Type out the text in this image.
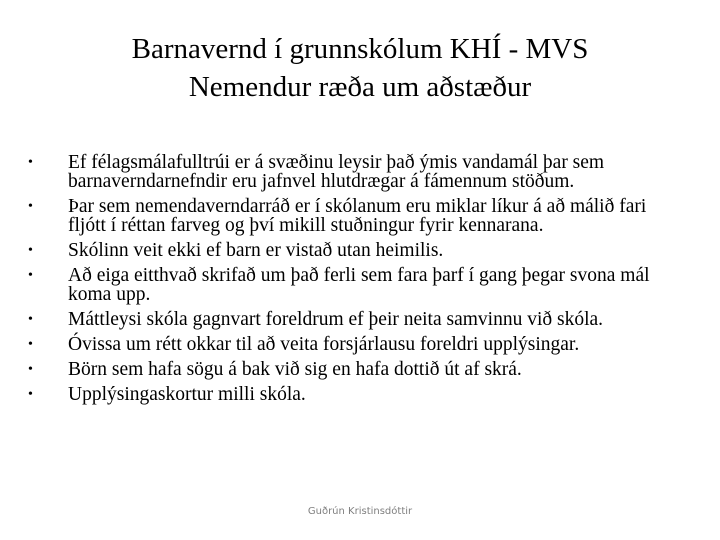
Barnavernd í grunnskólum KHÍ - MVS
Nemendur ræða um aðstæður
• Ef félagsmálafulltrúi er á svæðinu leysir það ýmis vandamál þar sem barnaverndarnefndir eru jafnvel hlutdrægar á fámennum stöðum.
• Þar sem nemendaverndarráð er í skólanum eru miklar líkur á að málið fari fljótt í réttan farveg og því mikill stuðningur fyrir kennarana.
• Skólinn veit ekki ef barn er vistað utan heimilis.
• Að eiga eitthvað skrifað um það ferli sem fara þarf í gang þegar svona mál koma upp.
• Máttleysi skóla gagnvart foreldrum ef þeir neita samvinnu við skóla.
• Óvissa um rétt okkar til að veita forsjárlausu foreldri upplýsingar.
• Börn sem hafa sögu á bak við sig en hafa dottið út af skrá.
• Upplýsingaskortur milli skóla.
Guðrún Kristinsdóttir
